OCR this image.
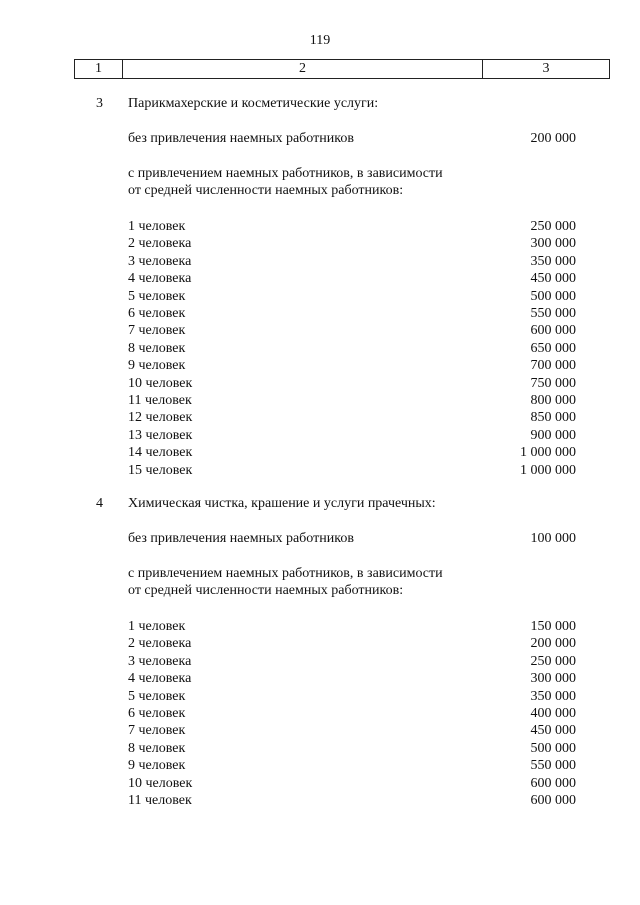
119
1	2	3
3 Парикмахерские и косметические услуги:
без привлечения наемных работников	200 000
с привлечением наемных работников, в зависимости
от средней численности наемных работников:
1 человек	250 000
2 человека	300 000
3 человека	350 000
4 человека	450 000
5 человек	500 000
6 человек	550 000
7 человек	600 000
8 человек	650 000
9 человек	700 000
10 человек	750 000
11 человек	800 000
12 человек	850 000
13 человек	900 000
14 человек	1 000 000
15 человек	1 000 000
4 Химическая чистка, крашение и услуги прачечных:
без привлечения наемных работников	100 000
с привлечением наемных работников, в зависимости
от средней численности наемных работников:
1 человек	150 000
2 человека	200 000
3 человека	250 000
4 человека	300 000
5 человек	350 000
6 человек	400 000
7 человек	450 000
8 человек	500 000
9 человек	550 000
10 человек	600 000
11 человек	600 000
